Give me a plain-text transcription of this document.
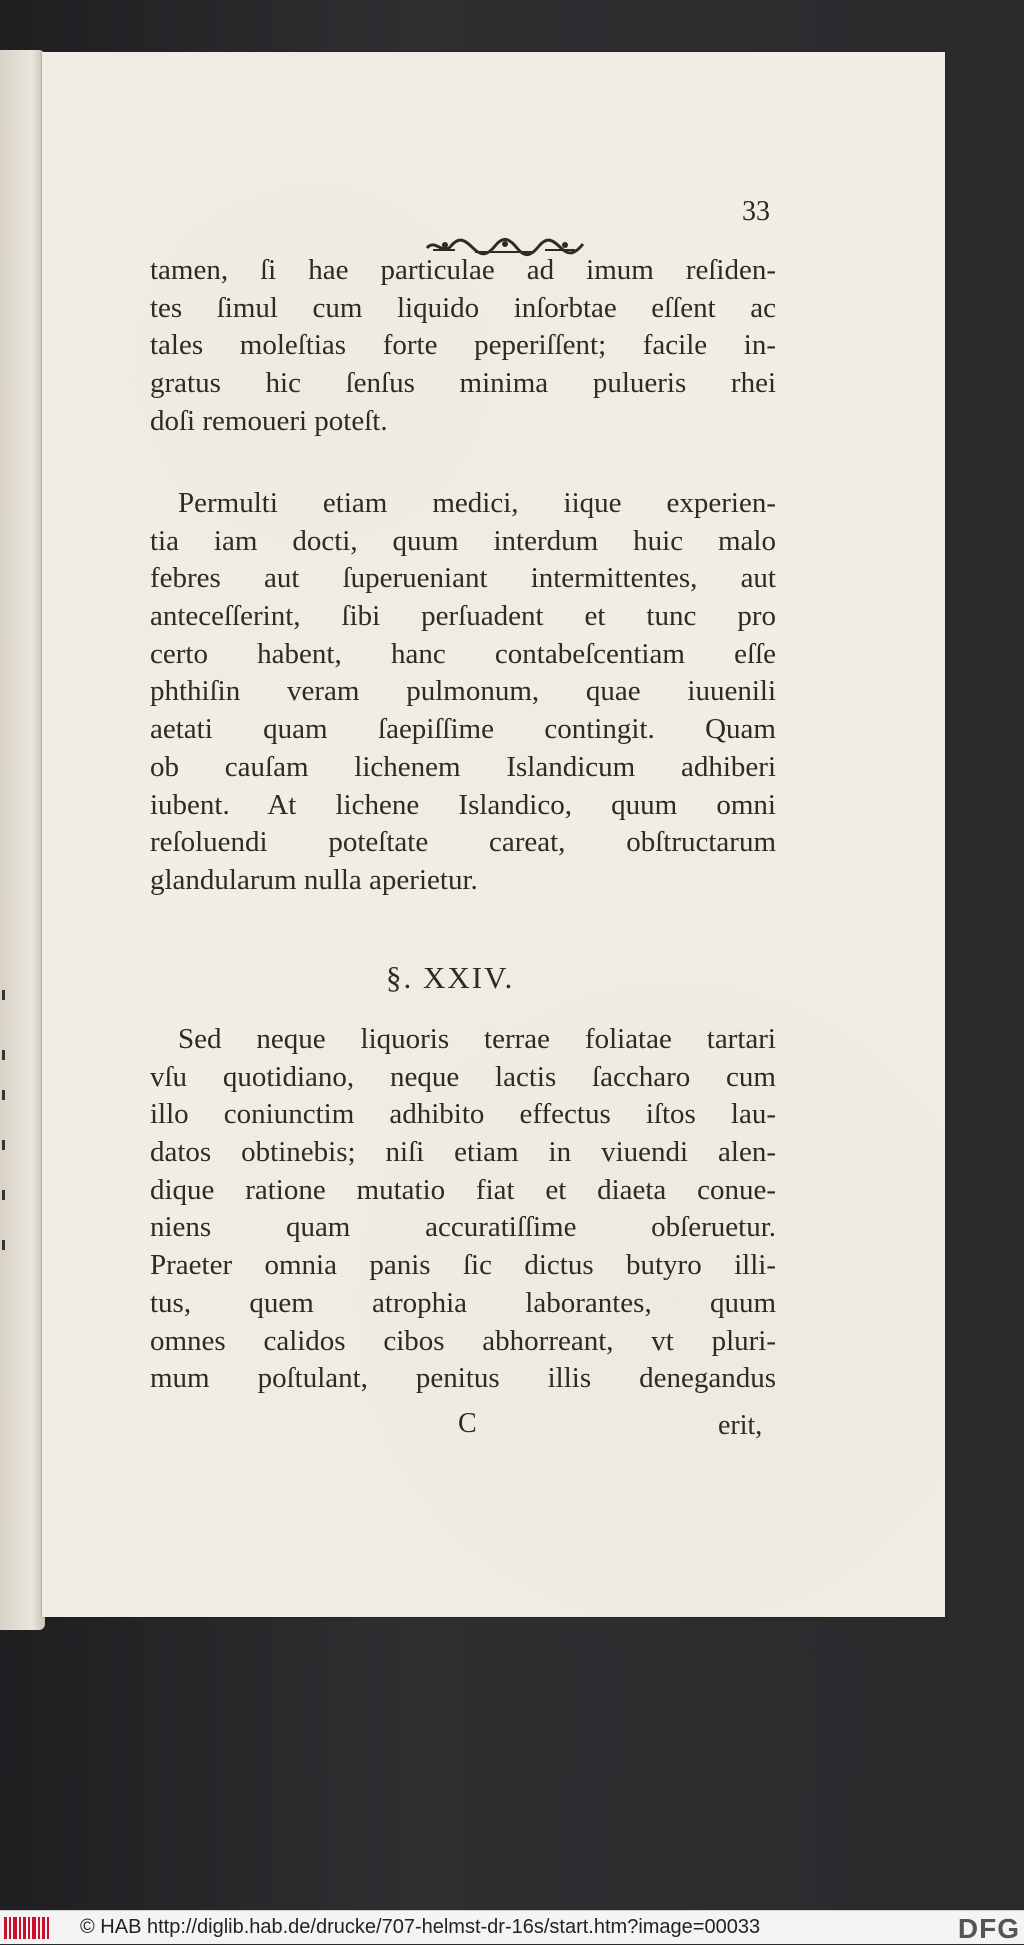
33
tamen, ſi hae particulae ad imum reſiden-
tes ſimul cum liquido inſorbtae eſſent ac
tales moleſtias forte peperiſſent; facile in-
gratus hic ſenſus minima pulueris rhei
doſi remoueri poteſt.
Permulti etiam medici, iique experien-
tia iam docti, quum interdum huic malo
febres aut ſuperueniant intermittentes, aut
anteceſſerint, ſibi perſuadent et tunc pro
certo habent, hanc contabeſcentiam eſſe
phthiſin veram pulmonum, quae iuuenili
aetati quam ſaepiſſime contingit. Quam
ob cauſam lichenem Islandicum adhiberi
iubent. At lichene Islandico, quum omni
reſoluendi poteſtate careat, obſtructarum
glandularum nulla aperietur.
§. XXIV.
Sed neque liquoris terrae foliatae tartari
vſu quotidiano, neque lactis ſaccharo cum
illo coniunctim adhibito effectus iſtos lau-
datos obtinebis; niſi etiam in viuendi alen-
dique ratione mutatio fiat et diaeta conue-
niens quam accuratiſſime obſeruetur.
Praeter omnia panis ſic dictus butyro illi-
tus, quem atrophia laborantes, quum
omnes calidos cibos abhorreant, vt pluri-
mum poſtulant, penitus illis denegandus
C	erit,
© HAB http://diglib.hab.de/drucke/707-helmst-dr-16s/start.htm?image=00033	DFG
